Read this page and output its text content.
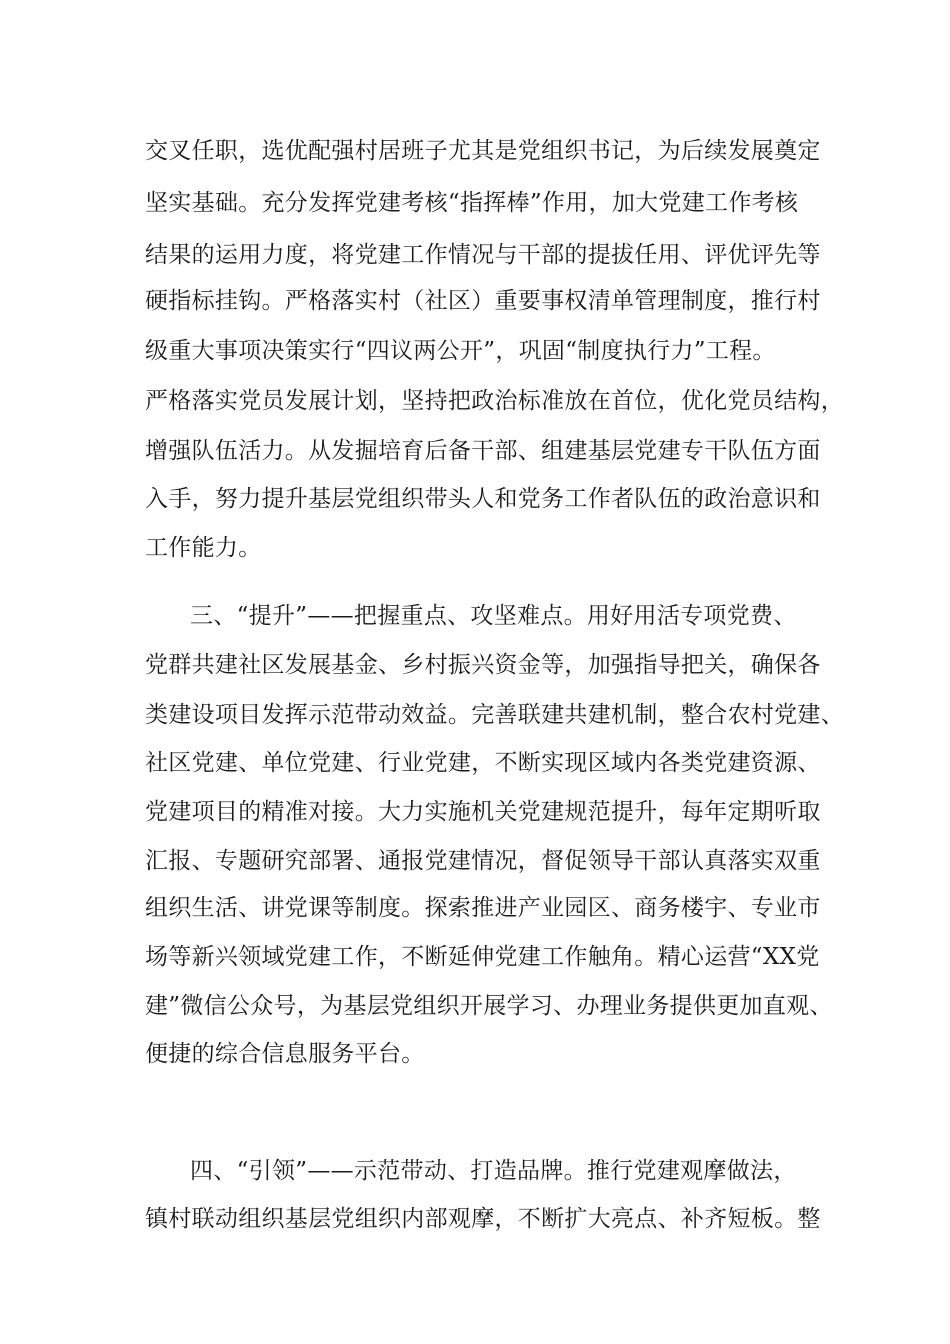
交叉任职，选优配强村居班子尤其是党组织书记，为后续发展奠定
坚实基础。充分发挥党建考核“指挥棒”作用，加大党建工作考核
结果的运用力度，将党建工作情况与干部的提拔任用、评优评先等
硬指标挂钩。严格落实村（社区）重要事权清单管理制度，推行村
级重大事项决策实行“四议两公开”，巩固“制度执行力”工程。
严格落实党员发展计划，坚持把政治标准放在首位，优化党员结构，
增强队伍活力。从发掘培育后备干部、组建基层党建专干队伍方面
入手，努力提升基层党组织带头人和党务工作者队伍的政治意识和
工作能力。
三、“提升”——把握重点、攻坚难点。用好用活专项党费、
党群共建社区发展基金、乡村振兴资金等，加强指导把关，确保各
类建设项目发挥示范带动效益。完善联建共建机制，整合农村党建、
社区党建、单位党建、行业党建，不断实现区域内各类党建资源、
党建项目的精准对接。大力实施机关党建规范提升，每年定期听取
汇报、专题研究部署、通报党建情况，督促领导干部认真落实双重
组织生活、讲党课等制度。探索推进产业园区、商务楼宇、专业市
场等新兴领域党建工作，不断延伸党建工作触角。精心运营“XX党
建”微信公众号，为基层党组织开展学习、办理业务提供更加直观、
便捷的综合信息服务平台。
四、“引领”——示范带动、打造品牌。推行党建观摩做法，
镇村联动组织基层党组织内部观摩，不断扩大亮点、补齐短板。整
